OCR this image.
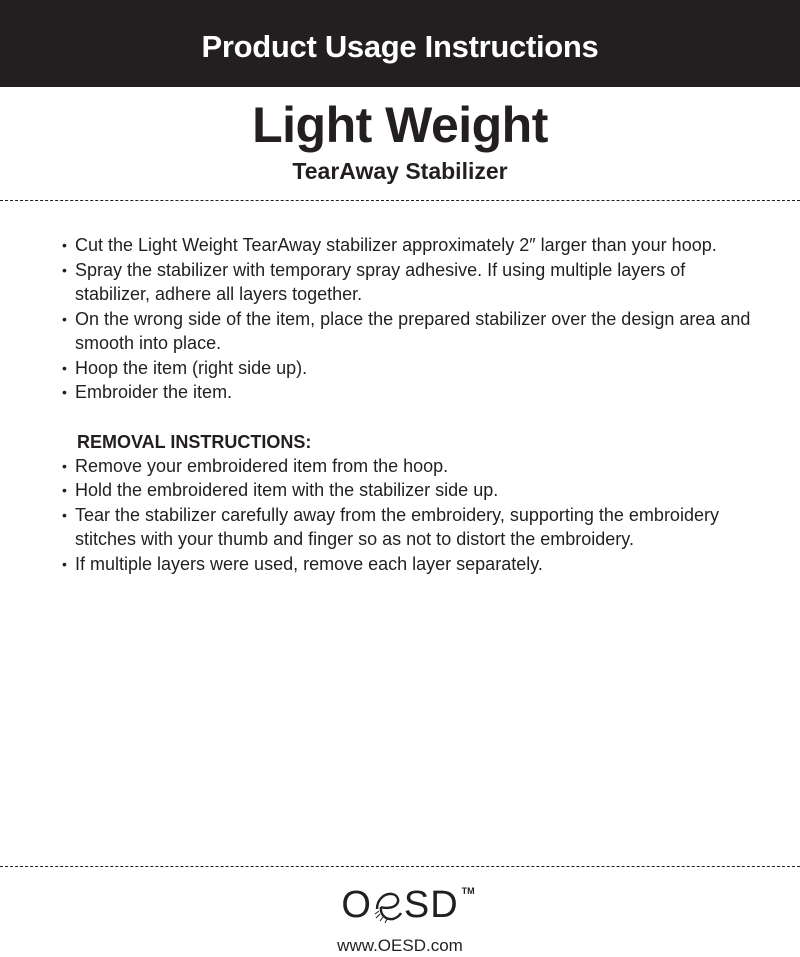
Product Usage Instructions
Light Weight
TearAway Stabilizer
• Cut the Light Weight TearAway stabilizer approximately 2″ larger than your hoop.
• Spray the stabilizer with temporary spray adhesive. If using multiple layers of stabilizer, adhere all layers together.
• On the wrong side of the item, place the prepared stabilizer over the design area and smooth into place.
• Hoop the item (right side up).
• Embroider the item.
REMOVAL INSTRUCTIONS:
• Remove your embroidered item from the hoop.
• Hold the embroidered item with the stabilizer side up.
• Tear the stabilizer carefully away from the embroidery, supporting the embroidery stitches with your thumb and finger so as not to distort the embroidery.
• If multiple layers were used, remove each layer separately.
O SD TM
www.OESD.com
